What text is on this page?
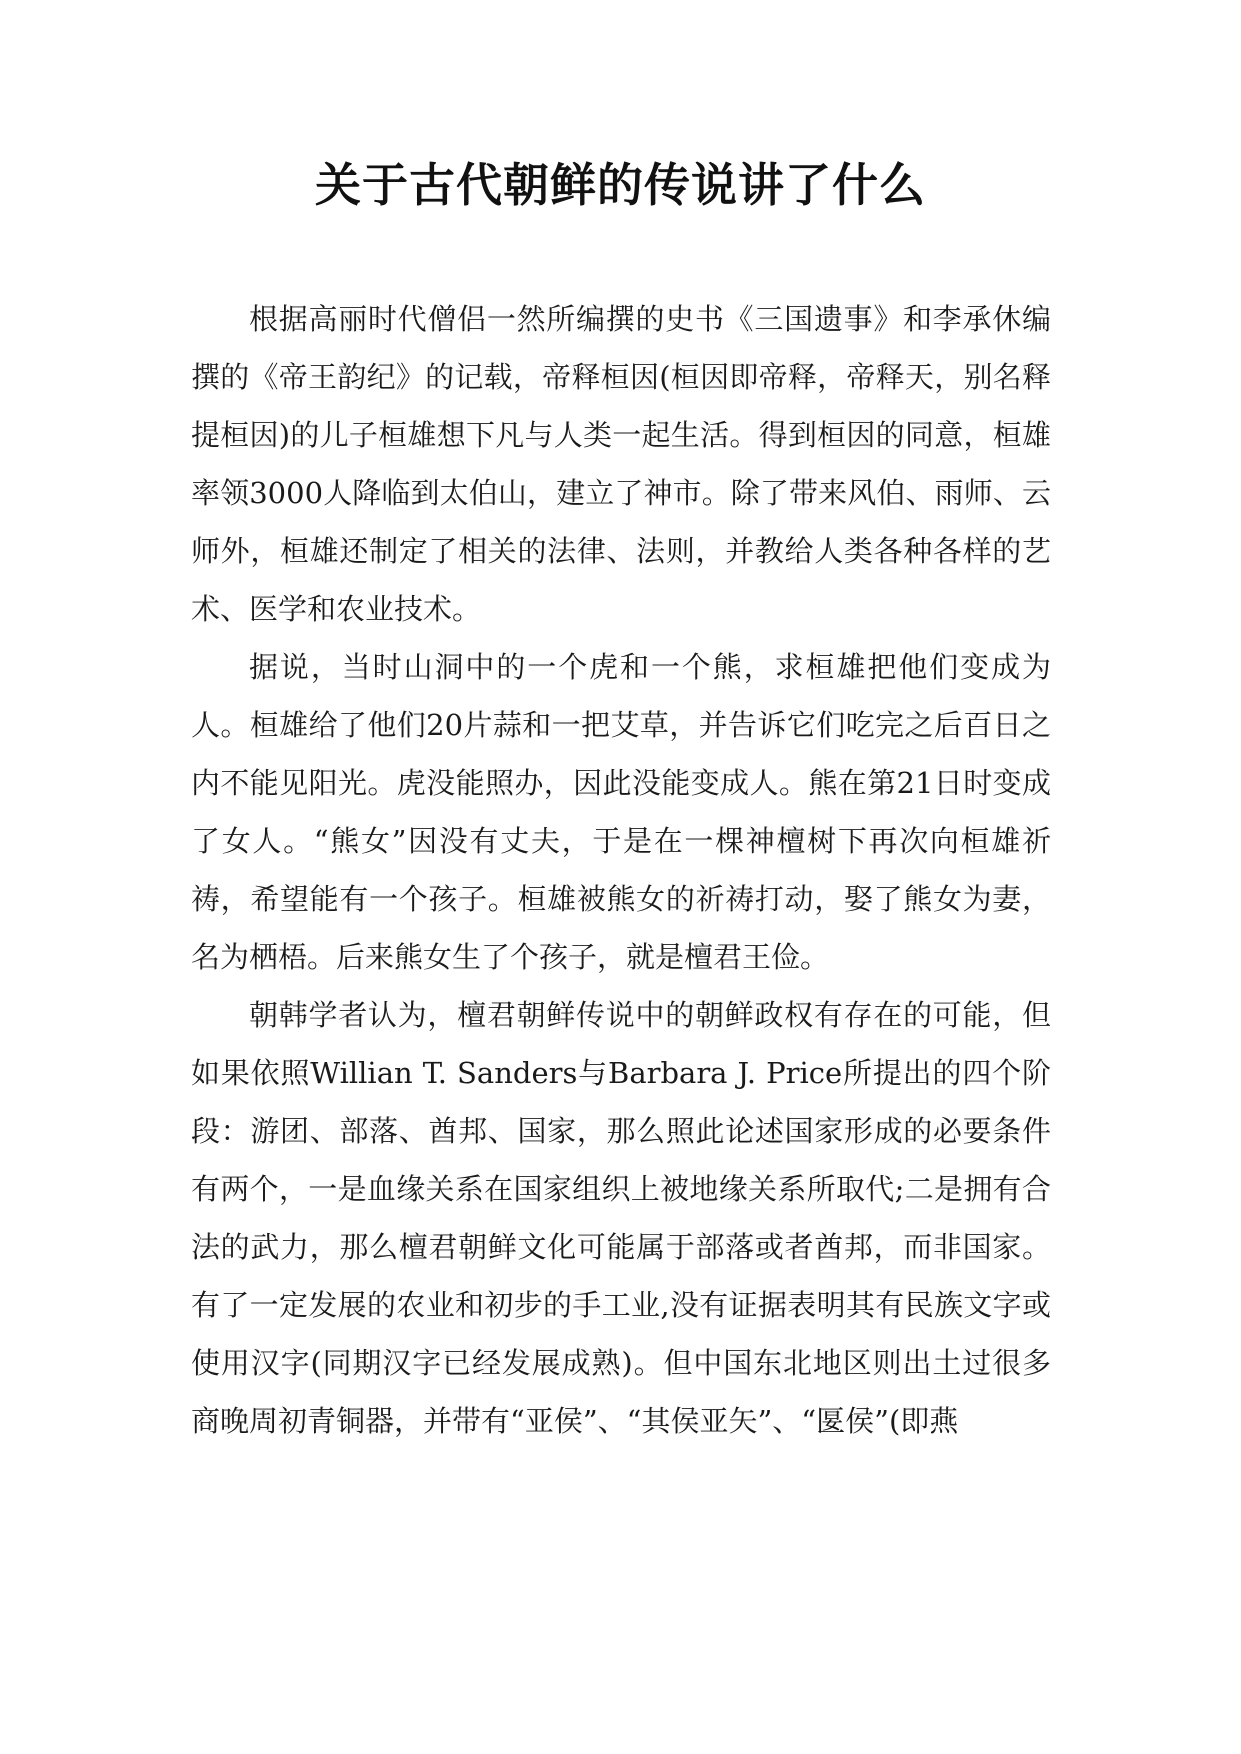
关于古代朝鲜的传说讲了什么

根据高丽时代僧侣一然所编撰的史书《三国遗事》和李承休编撰的《帝王韵纪》的记载，帝释桓因(桓因即帝释，帝释天，别名释提桓因)的儿子桓雄想下凡与人类一起生活。得到桓因的同意，桓雄率领3000人降临到太伯山，建立了神市。除了带来风伯、雨师、云师外，桓雄还制定了相关的法律、法则，并教给人类各种各样的艺术、医学和农业技术。

据说，当时山洞中的一个虎和一个熊，求桓雄把他们变成为人。桓雄给了他们20片蒜和一把艾草，并告诉它们吃完之后百日之内不能见阳光。虎没能照办，因此没能变成人。熊在第21日时变成了女人。“熊女”因没有丈夫，于是在一棵神檀树下再次向桓雄祈祷，希望能有一个孩子。桓雄被熊女的祈祷打动，娶了熊女为妻，名为栖梧。后来熊女生了个孩子，就是檀君王俭。

朝韩学者认为，檀君朝鲜传说中的朝鲜政权有存在的可能，但如果依照Willian T. Sanders与Barbara J. Price所提出的四个阶段：游团、部落、酋邦、国家，那么照此论述国家形成的必要条件有两个，一是血缘关系在国家组织上被地缘关系所取代;二是拥有合法的武力，那么檀君朝鲜文化可能属于部落或者酋邦，而非国家。有了一定发展的农业和初步的手工业,没有证据表明其有民族文字或使用汉字(同期汉字已经发展成熟)。但中国东北地区则出土过很多商晚周初青铜器，并带有“亚侯”、“其侯亚矢”、“匽侯”(即燕
